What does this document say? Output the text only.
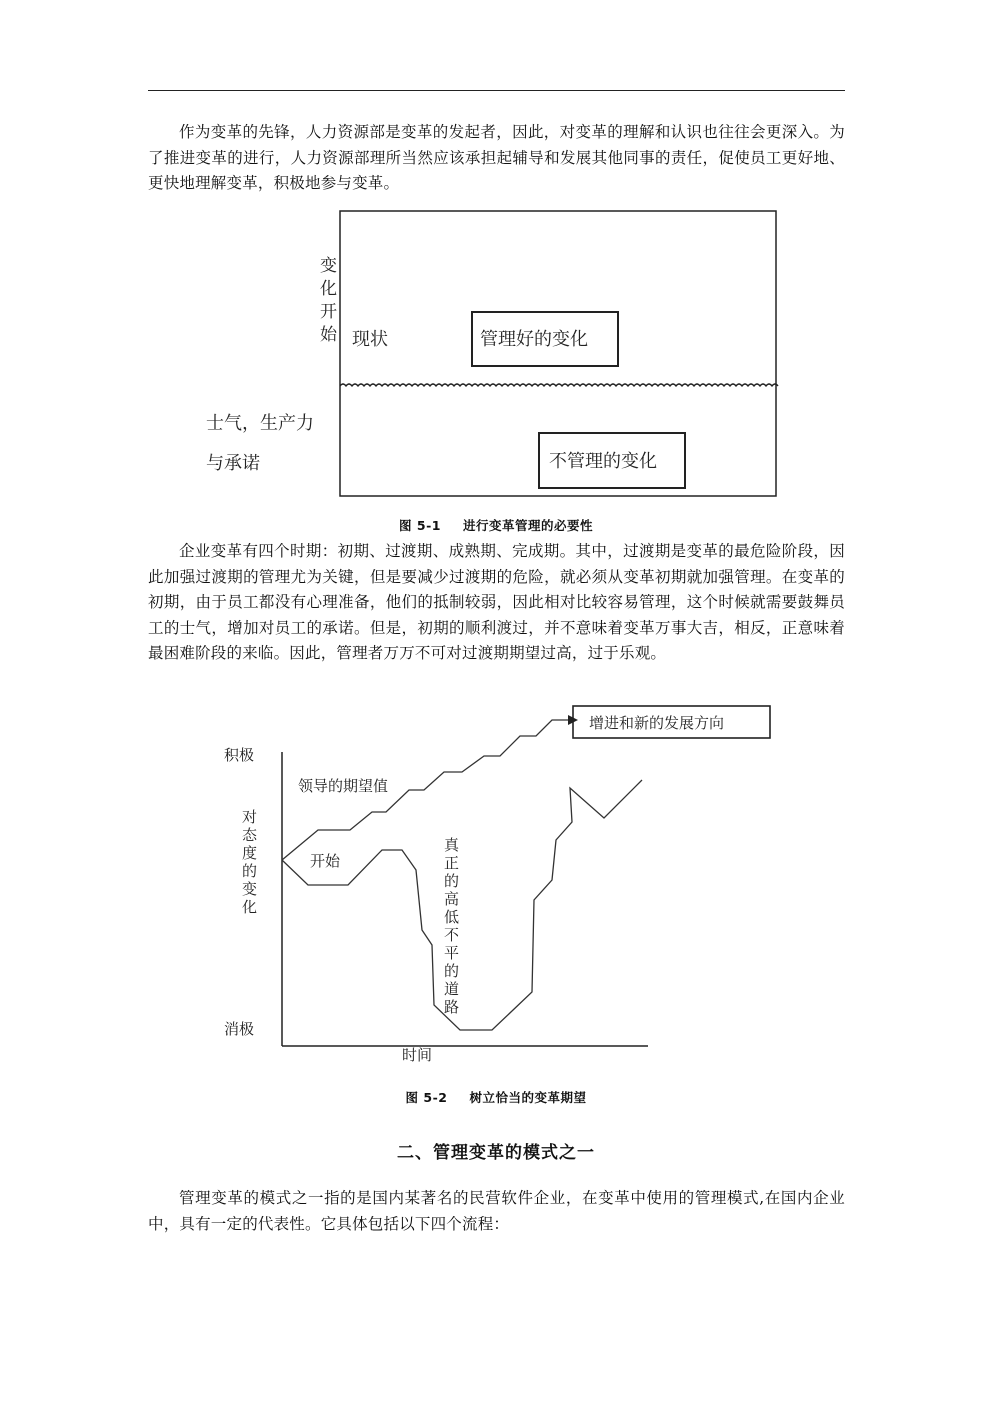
作为变革的先锋，人力资源部是变革的发起者，因此，对变革的理解和认识也往往会更深入。为了推进变革的进行，人力资源部理所当然应该承担起辅导和发展其他同事的责任，促使员工更好地、更快地理解变革，积极地参与变革。

变 化 开 始 现状	管理好的变化
士气，生产力
与承诺	不管理的变化
图 5-1 进行变革管理的必要性

企业变革有四个时期：初期、过渡期、成熟期、完成期。其中，过渡期是变革的最危险阶段，因此加强过渡期的管理尤为关键，但是要减少过渡期的危险，就必须从变革初期就加强管理。在变革的初期，由于员工都没有心理准备，他们的抵制较弱，因此相对比较容易管理，这个时候就需要鼓舞员工的士气，增加对员工的承诺。但是，初期的顺利渡过，并不意味着变革万事大吉，相反，正意味着最困难阶段的来临。因此，管理者万万不可对过渡期期望过高，过于乐观。

积极
消极
对 态 度 的 变 化
时间
领导的期望值
开始
真 正 的 高 低 不 平 的 道 路
增进和新的发展方向
图 5-2 树立恰当的变革期望
二、管理变革的模式之一

管理变革的模式之一指的是国内某著名的民营软件企业，在变革中使用的管理模式,在国内企业中，具有一定的代表性。它具体包括以下四个流程：
